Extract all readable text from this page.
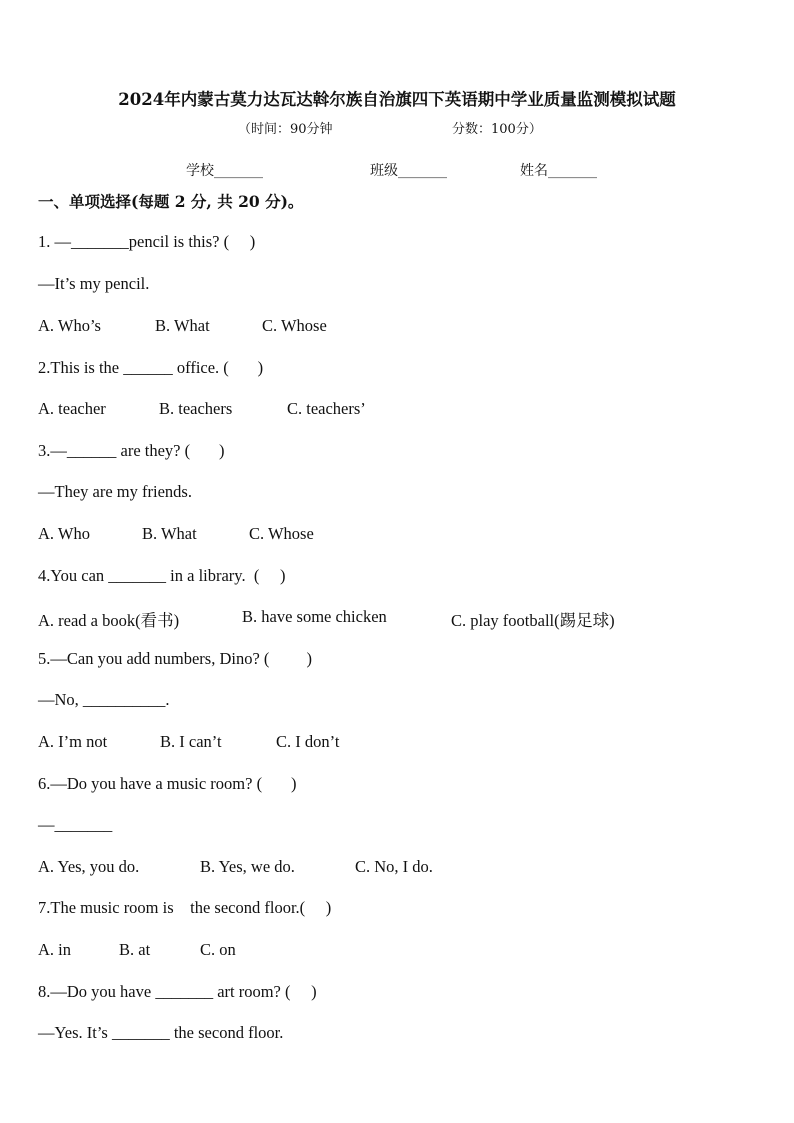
2024年内蒙古莫力达瓦达斡尔族自治旗四下英语期中学业质量监测模拟试题
（时间：90分钟	分数：100分）
学校_______	班级_______	姓名_______
一、单项选择(每题 2 分, 共 20 分)。
1. —_______pencil is this? (     )
—It’s my pencil.
A. Who’s	B. What	C. Whose
2.This is the ______ office. (       )
A. teacher	B. teachers	C. teachers’
3.—______ are they? (       )
—They are my friends.
A. Who	B. What	C. Whose
4.You can _______ in a library.  (     )
A. read a book(看书)	B. have some chicken	C. play football(踢足球)
5.—Can you add numbers, Dino? (         )
—No, __________.
A. I’m not	B. I can’t	C. I don’t
6.—Do you have a music room? (       )
—_______
A. Yes, you do.	B. Yes, we do.	C. No, I do.
7.The music room is    the second floor.(     )
A. in	B. at	C. on
8.—Do you have _______ art room? (     )
—Yes. It’s _______ the second floor.
